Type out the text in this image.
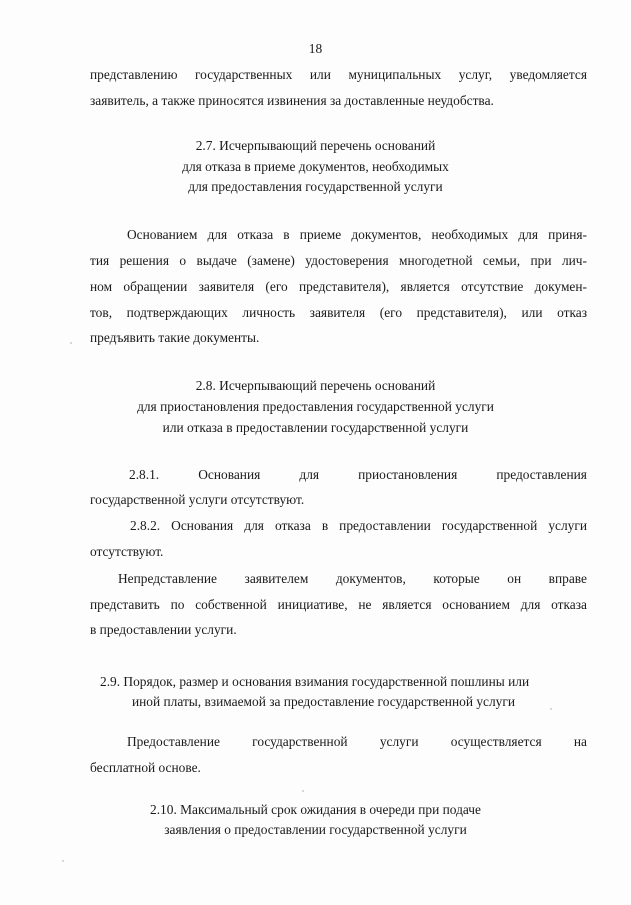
18
представлению государственных или муниципальных услуг, уведомляется
заявитель, а также приносятся извинения за доставленные неудобства.
2.7. Исчерпывающий перечень оснований
для отказа в приеме документов, необходимых
для предоставления государственной услуги
Основанием для отказа в приеме документов, необходимых для приня-
тия решения о выдаче (замене) удостоверения многодетной семьи, при лич-
ном обращении заявителя (его представителя), является отсутствие докумен-
тов, подтверждающих личность заявителя (его представителя), или отказ
предъявить такие документы.
2.8. Исчерпывающий перечень оснований
для приостановления предоставления государственной услуги
или отказа в предоставлении государственной услуги
2.8.1.	Основания	для	приостановления	предоставления
государственной услуги отсутствуют.
2.8.2. Основания для отказа в предоставлении государственной услуги
отсутствуют.
Непредставление заявителем документов, которые он вправе
представить по собственной инициативе, не является основанием для отказа
в предоставлении услуги.
2.9. Порядок, размер и основания взимания государственной пошлины или
иной платы, взимаемой за предоставление государственной услуги
Предоставление государственной услуги осуществляется на
бесплатной основе.
2.10. Максимальный срок ожидания в очереди при подаче
заявления о предоставлении государственной услуги
